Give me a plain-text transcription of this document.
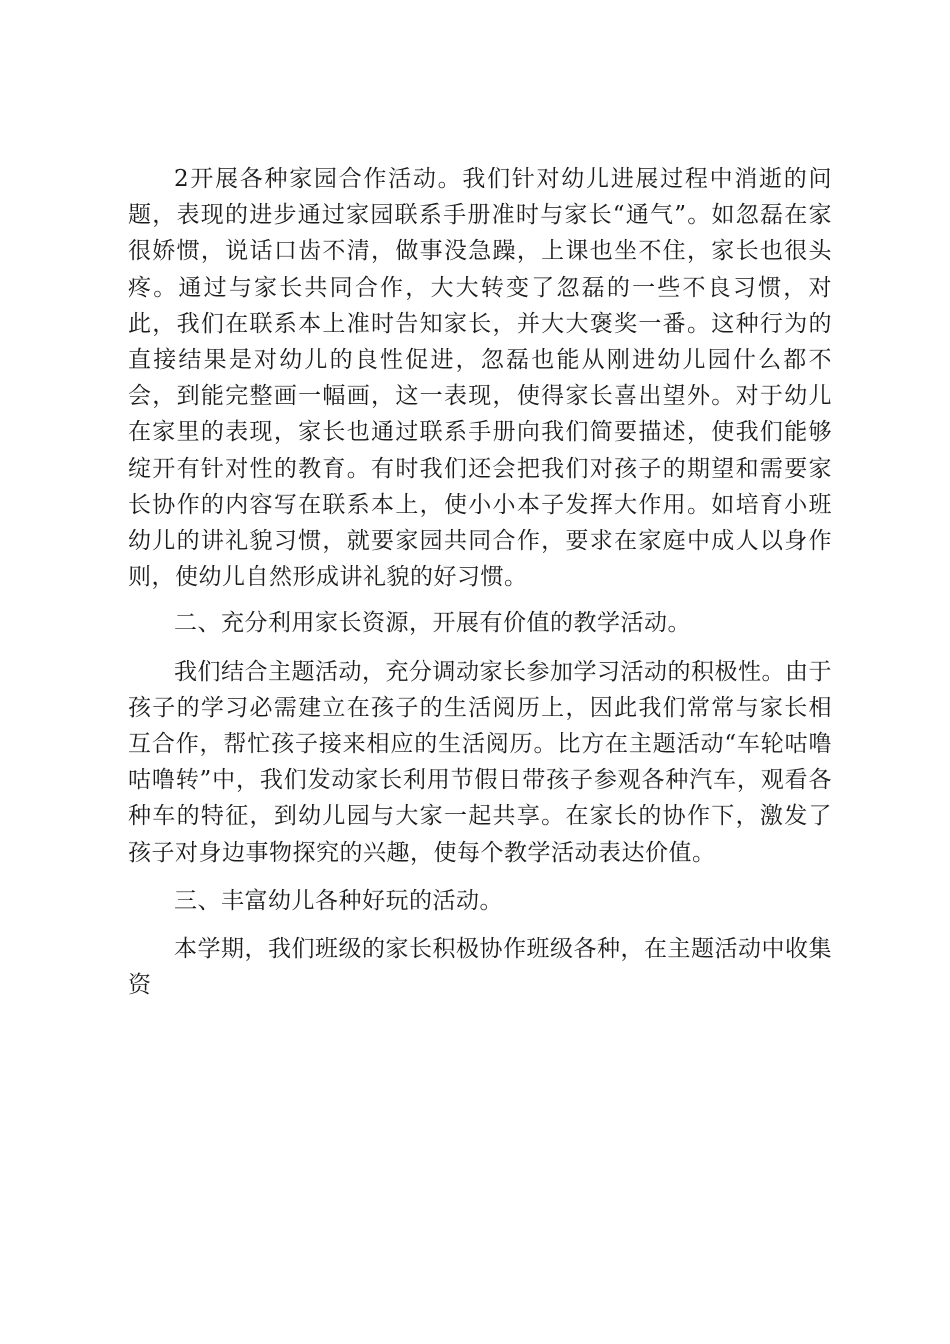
2开展各种家园合作活动。我们针对幼儿进展过程中消逝的问题，表现的进步通过家园联系手册准时与家长“通气”。如忽磊在家很娇惯，说话口齿不清，做事没急躁，上课也坐不住，家长也很头疼。通过与家长共同合作，大大转变了忽磊的一些不良习惯，对此，我们在联系本上准时告知家长，并大大褒奖一番。这种行为的直接结果是对幼儿的良性促进，忽磊也能从刚进幼儿园什么都不会，到能完整画一幅画，这一表现，使得家长喜出望外。对于幼儿在家里的表现，家长也通过联系手册向我们简要描述，使我们能够绽开有针对性的教育。有时我们还会把我们对孩子的期望和需要家长协作的内容写在联系本上，使小小本子发挥大作用。如培育小班幼儿的讲礼貌习惯，就要家园共同合作，要求在家庭中成人以身作则，使幼儿自然形成讲礼貌的好习惯。

二、充分利用家长资源，开展有价值的教学活动。

我们结合主题活动，充分调动家长参加学习活动的积极性。由于孩子的学习必需建立在孩子的生活阅历上，因此我们常常与家长相互合作，帮忙孩子接来相应的生活阅历。比方在主题活动“车轮咕噜咕噜转”中，我们发动家长利用节假日带孩子参观各种汽车，观看各种车的特征，到幼儿园与大家一起共享。在家长的协作下，激发了孩子对身边事物探究的兴趣，使每个教学活动表达价值。

三、丰富幼儿各种好玩的活动。

本学期，我们班级的家长积极协作班级各种，在主题活动中收集资
